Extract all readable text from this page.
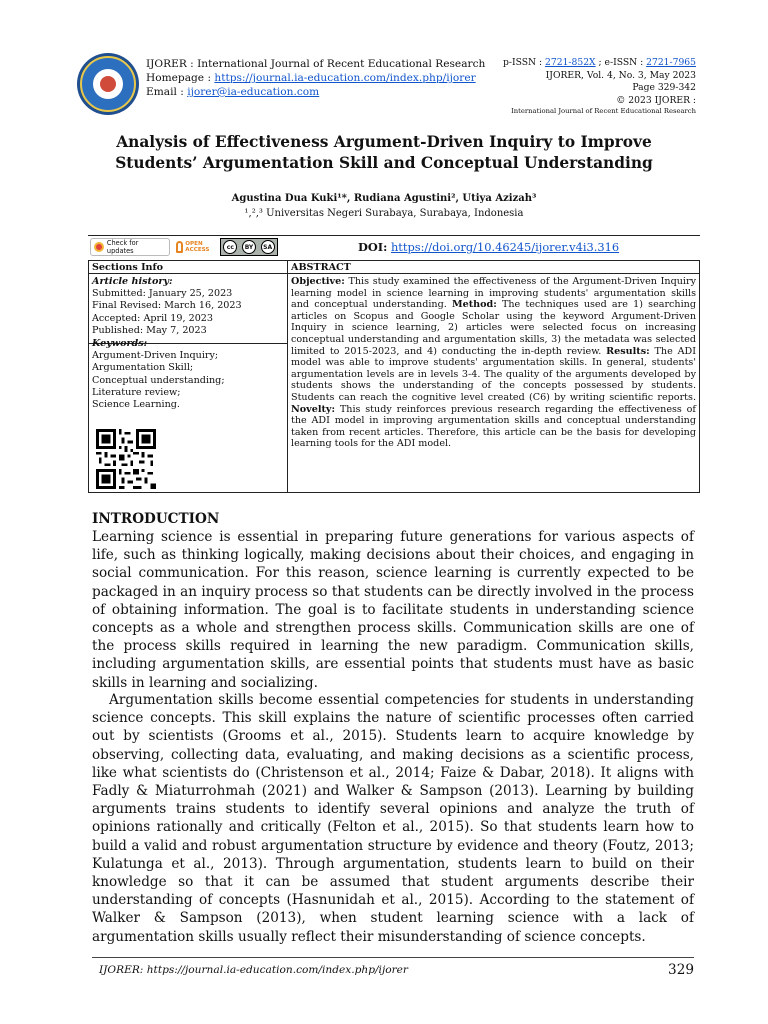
IJORER : International Journal of Recent Educational Research
Homepage : https://journal.ia-education.com/index.php/ijorer
Email : ijorer@ia-education.com
p-ISSN : 2721-852X ; e-ISSN : 2721-7965
IJORER, Vol. 4, No. 3, May 2023
Page 329-342
© 2023 IJORER :
International Journal of Recent Educational Research
Analysis of Effectiveness Argument-Driven Inquiry to Improve
Students’ Argumentation Skill and Conceptual Understanding
Agustina Dua Kuki¹*, Rudiana Agustini², Utiya Azizah³
¹,²,³ Universitas Negeri Surabaya, Surabaya, Indonesia
Check for updates
OPEN ACCESS	cc	BY	SA	DOI: https://doi.org/10.46245/ijorer.v4i3.316
Sections Info	ABSTRACT
Article history:
Submitted: January 25, 2023
Final Revised: March 16, 2023
Accepted: April 19, 2023
Published: May 7, 2023
Keywords:
Argument-Driven Inquiry;
Argumentation Skill;
Conceptual understanding;
Literature review;
Science Learning.
Objective: This study examined the effectiveness of the Argument-Driven Inquiry learning model in science learning in improving students' argumentation skills and conceptual understanding. Method: The techniques used are 1) searching articles on Scopus and Google Scholar using the keyword Argument-Driven Inquiry in science learning, 2) articles were selected focus on increasing conceptual understanding and argumentation skills, 3) the metadata was selected limited to 2015-2023, and 4) conducting the in-depth review. Results: The ADI model was able to improve students' argumentation skills. In general, students' argumentation levels are in levels 3-4. The quality of the arguments developed by students shows the understanding of the concepts possessed by students. Students can reach the cognitive level created (C6) by writing scientific reports. Novelty: This study reinforces previous research regarding the effectiveness of the ADI model in improving argumentation skills and conceptual understanding taken from recent articles. Therefore, this article can be the basis for developing learning tools for the ADI model.
INTRODUCTION
Learning science is essential in preparing future generations for various aspects of life, such as thinking logically, making decisions about their choices, and engaging in social communication. For this reason, science learning is currently expected to be packaged in an inquiry process so that students can be directly involved in the process of obtaining information. The goal is to facilitate students in understanding science concepts as a whole and strengthen process skills. Communication skills are one of the process skills required in learning the new paradigm. Communication skills, including argumentation skills, are essential points that students must have as basic skills in learning and socializing.
Argumentation skills become essential competencies for students in understanding science concepts. This skill explains the nature of scientific processes often carried out by scientists (Grooms et al., 2015). Students learn to acquire knowledge by observing, collecting data, evaluating, and making decisions as a scientific process, like what scientists do (Christenson et al., 2014; Faize & Dabar, 2018). It aligns with Fadly & Miaturrohmah (2021) and Walker & Sampson (2013). Learning by building arguments trains students to identify several opinions and analyze the truth of opinions rationally and critically (Felton et al., 2015). So that students learn how to build a valid and robust argumentation structure by evidence and theory (Foutz, 2013; Kulatunga et al., 2013). Through argumentation, students learn to build on their knowledge so that it can be assumed that student arguments describe their understanding of concepts (Hasnunidah et al., 2015). According to the statement of Walker & Sampson (2013), when student learning science with a lack of argumentation skills usually reflect their misunderstanding of science concepts.
IJORER: https://journal.ia-education.com/index.php/ijorer	329
